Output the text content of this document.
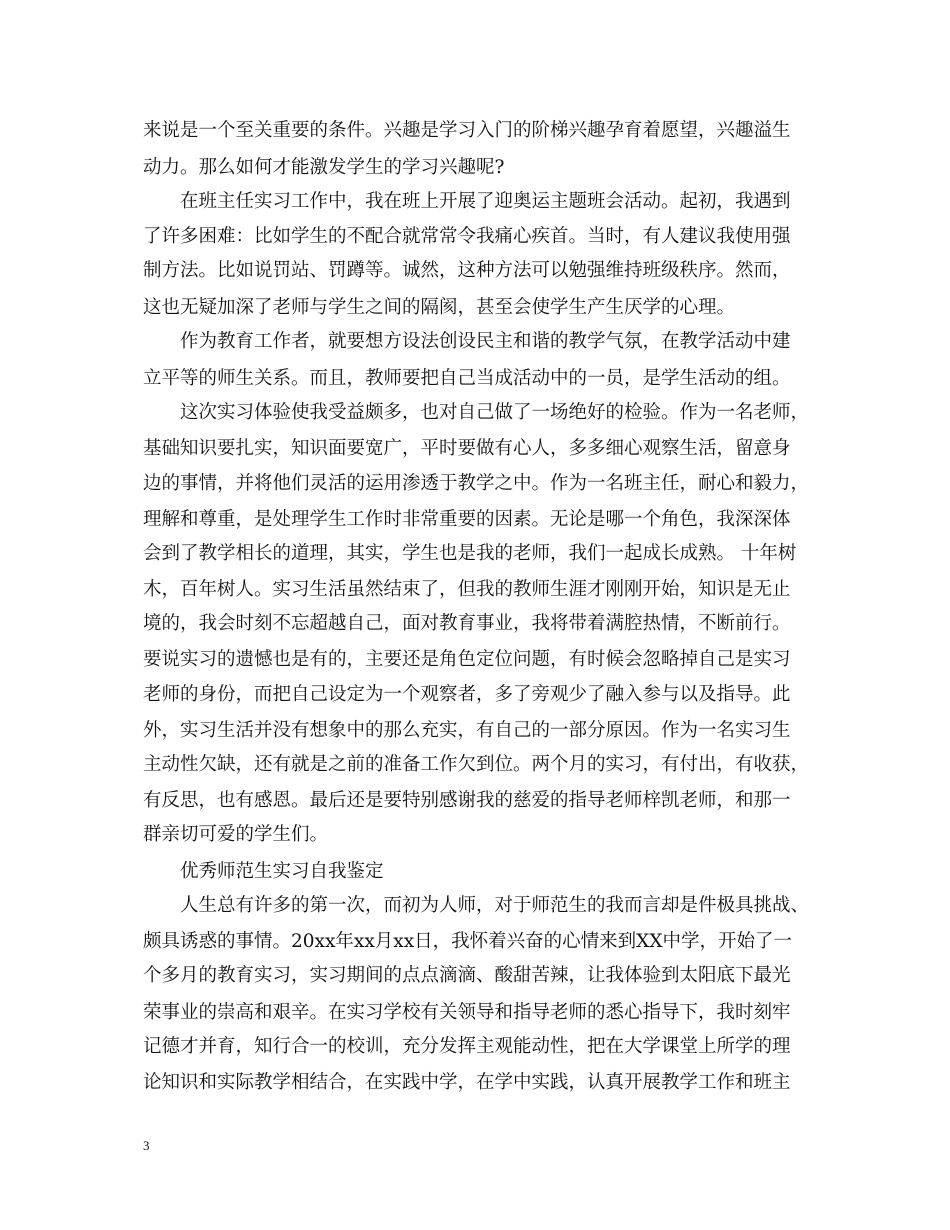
来说是一个至关重要的条件。兴趣是学习入门的阶梯兴趣孕育着愿望，兴趣溢生
动力。那么如何才能激发学生的学习兴趣呢?
在班主任实习工作中，我在班上开展了迎奥运主题班会活动。起初，我遇到
了许多困难：比如学生的不配合就常常令我痛心疾首。当时，有人建议我使用强
制方法。比如说罚站、罚蹲等。诚然，这种方法可以勉强维持班级秩序。然而，
这也无疑加深了老师与学生之间的隔阂，甚至会使学生产生厌学的心理。
作为教育工作者，就要想方设法创设民主和谐的教学气氛，在教学活动中建
立平等的师生关系。而且，教师要把自己当成活动中的一员，是学生活动的组。
这次实习体验使我受益颇多，也对自己做了一场绝好的检验。作为一名老师，
基础知识要扎实，知识面要宽广，平时要做有心人，多多细心观察生活，留意身
边的事情，并将他们灵活的运用渗透于教学之中。作为一名班主任，耐心和毅力，
理解和尊重，是处理学生工作时非常重要的因素。无论是哪一个角色，我深深体
会到了教学相长的道理，其实，学生也是我的老师，我们一起成长成熟。 十年树
木，百年树人。实习生活虽然结束了，但我的教师生涯才刚刚开始，知识是无止
境的，我会时刻不忘超越自己，面对教育事业，我将带着满腔热情，不断前行。
要说实习的遗憾也是有的，主要还是角色定位问题，有时候会忽略掉自己是实习
老师的身份，而把自己设定为一个观察者，多了旁观少了融入参与以及指导。此
外，实习生活并没有想象中的那么充实，有自己的一部分原因。作为一名实习生
主动性欠缺，还有就是之前的准备工作欠到位。两个月的实习，有付出，有收获，
有反思，也有感恩。最后还是要特别感谢我的慈爱的指导老师梓凯老师，和那一
群亲切可爱的学生们。
优秀师范生实习自我鉴定
人生总有许多的第一次，而初为人师，对于师范生的我而言却是件极具挑战、
颇具诱惑的事情。20xx年xx月xx日，我怀着兴奋的心情来到XX中学，开始了一
个多月的教育实习，实习期间的点点滴滴、酸甜苦辣，让我体验到太阳底下最光
荣事业的崇高和艰辛。在实习学校有关领导和指导老师的悉心指导下，我时刻牢
记德才并育，知行合一的校训，充分发挥主观能动性，把在大学课堂上所学的理
论知识和实际教学相结合，在实践中学，在学中实践，认真开展教学工作和班主
3
